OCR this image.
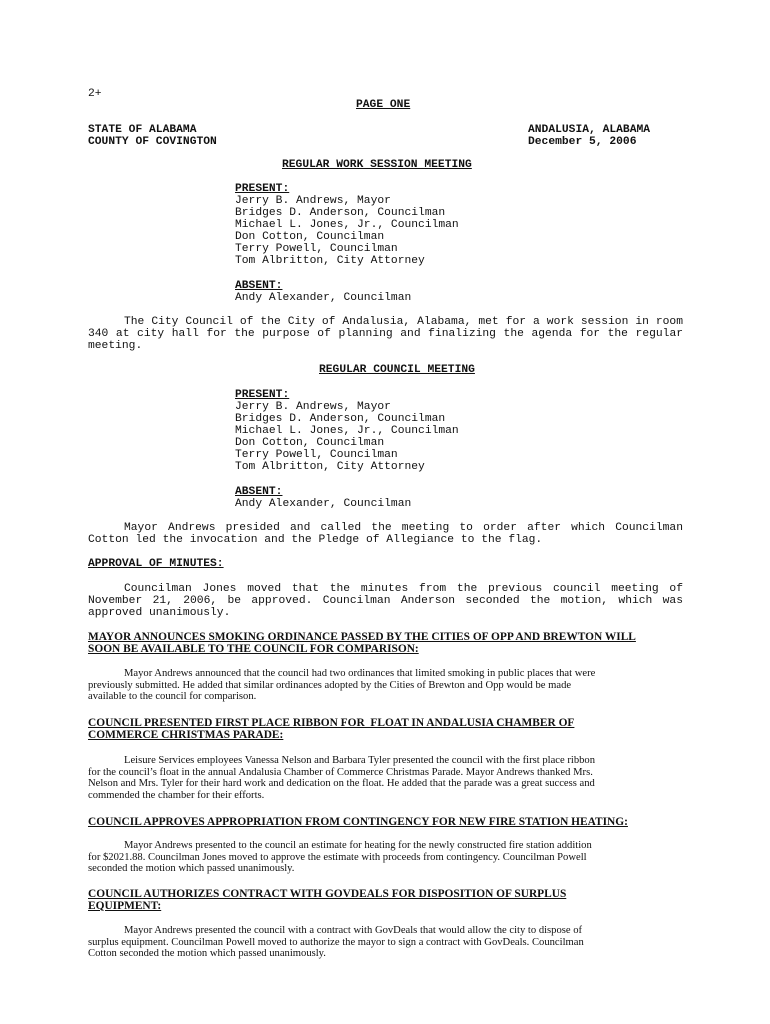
2+
PAGE ONE
STATE OF ALABAMA
COUNTY OF COVINGTON
ANDALUSIA, ALABAMA
December 5, 2006
REGULAR WORK SESSION MEETING
PRESENT:
Jerry B. Andrews, Mayor
Bridges D. Anderson, Councilman
Michael L. Jones, Jr., Councilman
Don Cotton, Councilman
Terry Powell, Councilman
Tom Albritton, City Attorney
ABSENT:
Andy Alexander, Councilman

The City Council of the City of Andalusia, Alabama, met for a work session in room 340 at city hall for the purpose of planning and finalizing the agenda for the regular meeting.

REGULAR COUNCIL MEETING
PRESENT:
Jerry B. Andrews, Mayor
Bridges D. Anderson, Councilman
Michael L. Jones, Jr., Councilman
Don Cotton, Councilman
Terry Powell, Councilman
Tom Albritton, City Attorney
ABSENT:
Andy Alexander, Councilman

Mayor Andrews presided and called the meeting to order after which Councilman Cotton led the invocation and the Pledge of Allegiance to the flag.

APPROVAL OF MINUTES:

Councilman Jones moved that the minutes from the previous council meeting of November 21, 2006, be approved. Councilman Anderson seconded the motion, which was approved unanimously.

MAYOR ANNOUNCES SMOKING ORDINANCE PASSED BY THE CITIES OF OPP AND BREWTON WILL
SOON BE AVAILABLE TO THE COUNCIL FOR COMPARISON:
Mayor Andrews announced that the council had two ordinances that limited smoking in public places that were
previously submitted. He added that similar ordinances adopted by the Cities of Brewton and Opp would be made
available to the council for comparison.
COUNCIL PRESENTED FIRST PLACE RIBBON FOR  FLOAT IN ANDALUSIA CHAMBER OF
COMMERCE CHRISTMAS PARADE:
Leisure Services employees Vanessa Nelson and Barbara Tyler presented the council with the first place ribbon
for the council’s float in the annual Andalusia Chamber of Commerce Christmas Parade. Mayor Andrews thanked Mrs.
Nelson and Mrs. Tyler for their hard work and dedication on the float. He added that the parade was a great success and
commended the chamber for their efforts.
COUNCIL APPROVES APPROPRIATION FROM CONTINGENCY FOR NEW FIRE STATION HEATING:
Mayor Andrews presented to the council an estimate for heating for the newly constructed fire station addition
for $2021.88. Councilman Jones moved to approve the estimate with proceeds from contingency. Councilman Powell
seconded the motion which passed unanimously.
COUNCIL AUTHORIZES CONTRACT WITH GOVDEALS FOR DISPOSITION OF SURPLUS
EQUIPMENT:
Mayor Andrews presented the council with a contract with GovDeals that would allow the city to dispose of
surplus equipment. Councilman Powell moved to authorize the mayor to sign a contract with GovDeals. Councilman
Cotton seconded the motion which passed unanimously.
